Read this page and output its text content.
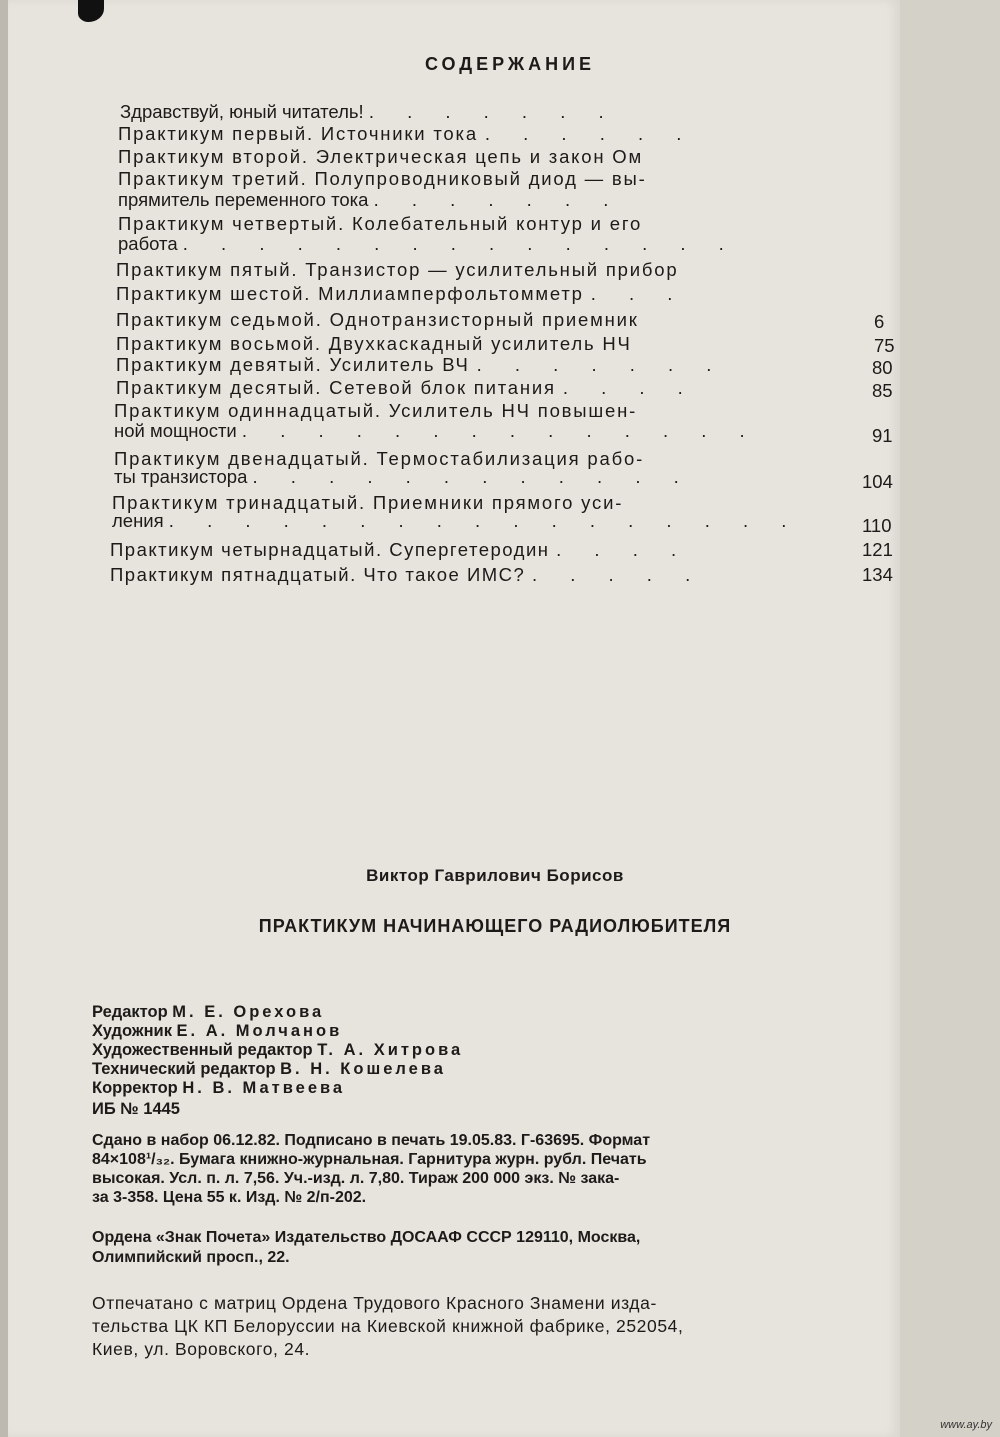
СОДЕРЖАНИЕ
Здравствуй, юный читатель! . . . . . . .
Практикум первый. Источники тока . . . . . .
Практикум второй. Электрическая цепь и закон Ом
Практикум третий. Полупроводниковый диод — вы-
прямитель переменного тока . . . . . . .
Практикум четвертый. Колебательный контур и его
работа . . . . . . . . . . . . . . .
Практикум пятый. Транзистор — усилительный прибор
Практикум шестой. Миллиамперфольтомметр . . .
Практикум седьмой. Однотранзисторный приемник
Практикум восьмой. Двухкаскадный усилитель НЧ
Практикум девятый. Усилитель ВЧ . . . . . . .
Практикум десятый. Сетевой блок питания . . . .
Практикум одиннадцатый. Усилитель НЧ повышен-
ной мощности . . . . . . . . . . . . . .
Практикум двенадцатый. Термостабилизация рабо-
ты транзистора . . . . . . . . . . . .
Практикум тринадцатый. Приемники прямого уси-
ления . . . . . . . . . . . . . . . . .
Практикум четырнадцатый. Супергетеродин . . . .
Практикум пятнадцатый. Что такое ИМС? . . . . .
6
75
80
85
91
104
110
121
134
Виктор Гаврилович Борисов
ПРАКТИКУМ НАЧИНАЮЩЕГО РАДИОЛЮБИТЕЛЯ
Редактор М. Е. Орехова
Художник Е. А. Молчанов
Художественный редактор Т. А. Хитрова
Технический редактор В. Н. Кошелева
Корректор Н. В. Матвеева
ИБ № 1445
Сдано в набор 06.12.82. Подписано в печать 19.05.83. Г-63695. Формат
84×108¹/₃₂. Бумага книжно-журнальная. Гарнитура журн. рубл. Печать
высокая. Усл. п. л. 7,56. Уч.-изд. л. 7,80. Тираж 200 000 экз. № зака-
за 3-358. Цена 55 к. Изд. № 2/п-202.
Ордена «Знак Почета» Издательство ДОСААФ СССР 129110, Москва,
Олимпийский просп., 22.
Отпечатано с матриц Ордена Трудового Красного Знамени изда-
тельства ЦК КП Белоруссии на Киевской книжной фабрике, 252054,
Киев, ул. Воровского, 24.
www.ay.by
